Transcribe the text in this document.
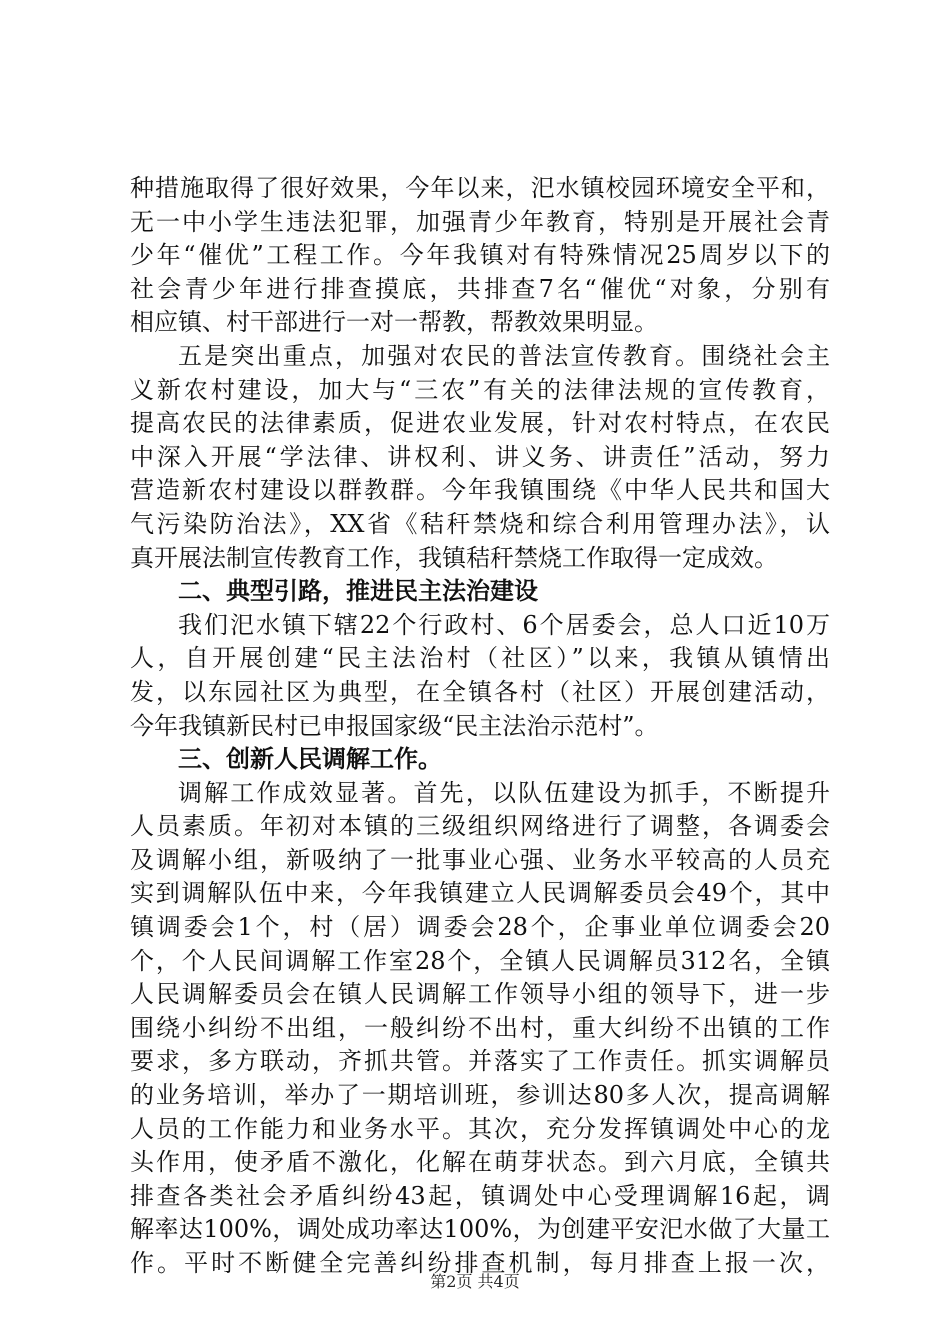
种措施取得了很好效果，今年以来，汜水镇校园环境安全平和，
无一中小学生违法犯罪，加强青少年教育，特别是开展社会青
少年“催优”工程工作。今年我镇对有特殊情况25周岁以下的
社会青少年进行排查摸底，共排查7名“催优“对象，分别有
相应镇、村干部进行一对一帮教，帮教效果明显。
五是突出重点，加强对农民的普法宣传教育。围绕社会主
义新农村建设，加大与“三农”有关的法律法规的宣传教育，
提高农民的法律素质，促进农业发展，针对农村特点，在农民
中深入开展“学法律、讲权利、讲义务、讲责任”活动，努力
营造新农村建设以群教群。今年我镇围绕《中华人民共和国大
气污染防治法》，XX省《秸秆禁烧和综合利用管理办法》，认
真开展法制宣传教育工作，我镇秸秆禁烧工作取得一定成效。
二、典型引路，推进民主法治建设
我们汜水镇下辖22个行政村、6个居委会，总人口近10万
人，自开展创建“民主法治村（社区）”以来，我镇从镇情出
发，以东园社区为典型，在全镇各村（社区）开展创建活动，
今年我镇新民村已申报国家级“民主法治示范村”。
三、创新人民调解工作。
调解工作成效显著。首先，以队伍建设为抓手，不断提升
人员素质。年初对本镇的三级组织网络进行了调整，各调委会
及调解小组，新吸纳了一批事业心强、业务水平较高的人员充
实到调解队伍中来，今年我镇建立人民调解委员会49个，其中
镇调委会1个，村（居）调委会28个，企事业单位调委会20
个，个人民间调解工作室28个，全镇人民调解员312名，全镇
人民调解委员会在镇人民调解工作领导小组的领导下，进一步
围绕小纠纷不出组，一般纠纷不出村，重大纠纷不出镇的工作
要求，多方联动，齐抓共管。并落实了工作责任。抓实调解员
的业务培训，举办了一期培训班，参训达80多人次，提高调解
人员的工作能力和业务水平。其次，充分发挥镇调处中心的龙
头作用，使矛盾不激化，化解在萌芽状态。到六月底，全镇共
排查各类社会矛盾纠纷43起，镇调处中心受理调解16起，调
解率达100%，调处成功率达100%，为创建平安汜水做了大量工
作。平时不断健全完善纠纷排查机制，每月排查上报一次，
第2页 共4页
